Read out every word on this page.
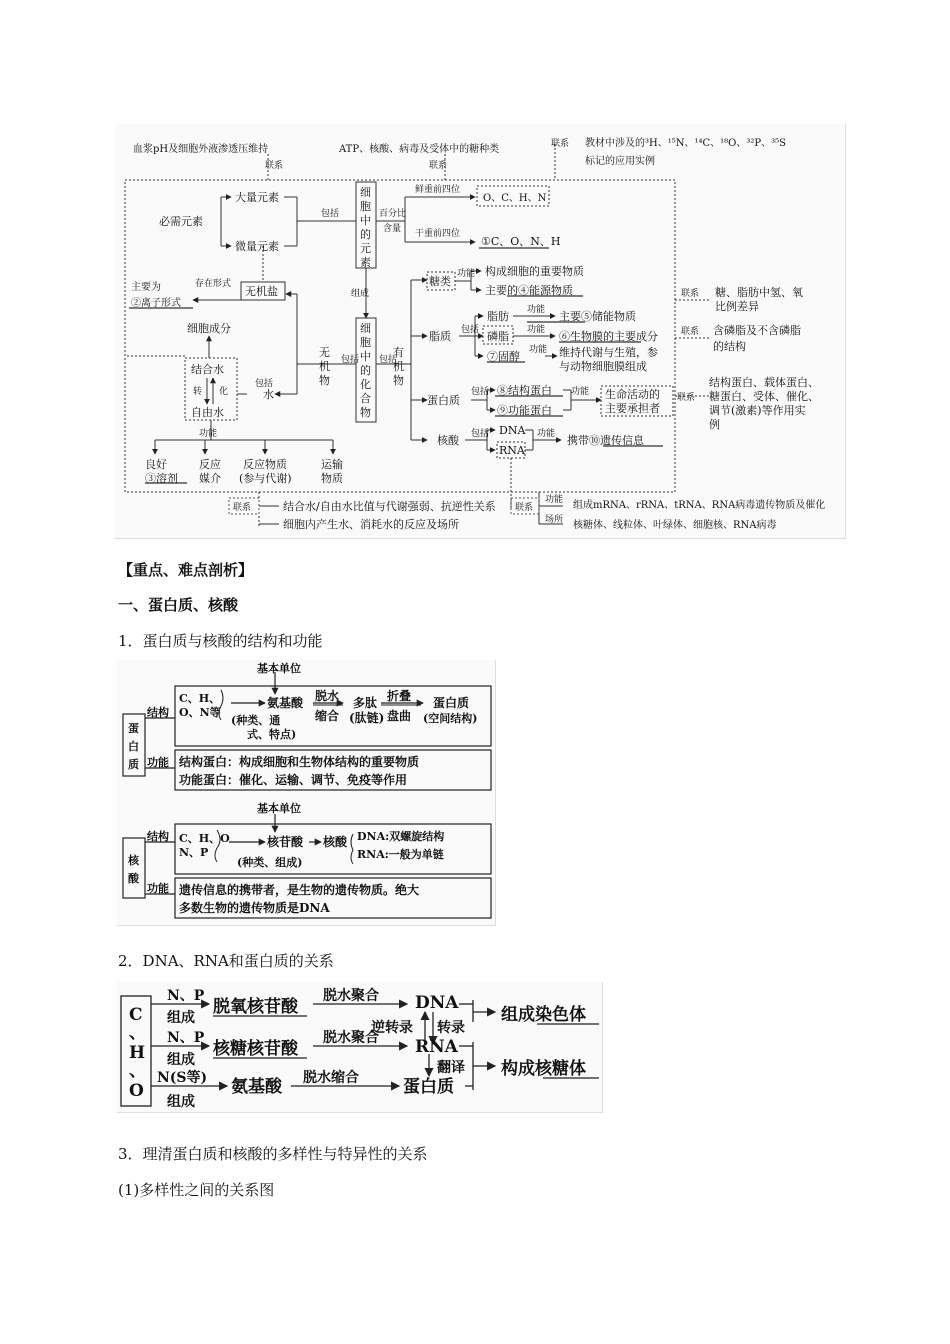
血浆pH及细胞外液渗透压维持
联系
ATP、核酸、病毒及受体中的糖种类
联系
联系 教材中涉及的³H、¹⁵N、¹⁴C、¹⁸O、³²P、³⁵S
标记的应用实例
必需元素
大量元素
微量元素
包括
细
胞
中
的
元
素
细
胞
中
的
化
合
物
百分比
含量
鲜重前四位
干重前四位
O、C、H、N
①C、O、N、H
组成
主要为
②离子形式
存在形式
无机盐
细胞成分
结合水
转 化
自由水
水
包括
功能
良好
③溶剂
反应
媒介
反应物质
(参与代谢)
运输
物质
无
机
物
包括
有
机
物
包括
糖类
功能 构成细胞的重要物质
主要的④能源物质
脂质 包括
脂肪
磷脂
⑦固醇
功能
功能
功能
主要⑤储能物质
⑥生物膜的主要成分
维持代谢与生殖，参
与动物细胞膜组成
蛋白质
包括 ⑧结构蛋白
⑨功能蛋白
功能 生命活动的
主要承担者
核酸 包括 DNA
RNA
功能 携带⑩遗传信息
联系 糖、脂肪中氢、氧
比例差异
联系 含磷脂及不含磷脂
的结构
联系
结构蛋白、载体蛋白、
糖蛋白、受体、催化、
调节(激素)等作用实
例
联系	结合水/自由水比值与代谢强弱、抗逆性关系
细胞内产生水、消耗水的反应及场所
联系
功能
场所
组成mRNA、rRNA、tRNA、RNA病毒遗传物质及催化
核糖体、线粒体、叶绿体、细胞核、RNA病毒
【重点、难点剖析】
一、蛋白质、核酸
1．蛋白质与核酸的结构和功能
基本单位
C、H、
O、N等
氨基酸
(种类、通
式、特点)
脱水
缩合
多肽
(肽链)
折叠
盘曲
蛋白质
(空间结构)
蛋
白
质
结构
功能 结构蛋白：构成细胞和生物体结构的重要物质
功能蛋白：催化、运输、调节、免疫等作用
基本单位
C、H、O
N、P
核苷酸
(种类、组成)
核酸 DNA:双螺旋结构
RNA:一般为单链
核
酸
结构
功能 遗传信息的携带者，是生物的遗传物质。绝大
多数生物的遗传物质是DNA
2．DNA、RNA和蛋白质的关系
C
、
H
、
O
N、P
组成
脱氧核苷酸
N、P
组成
核糖核苷酸
N(S等)
组成
氨基酸
脱水聚合
脱水聚合
脱水缩合
DNA
RNA
蛋白质
逆转录 转录
翻译
组成染色体
构成核糖体
3．理清蛋白质和核酸的多样性与特异性的关系
(1)多样性之间的关系图
